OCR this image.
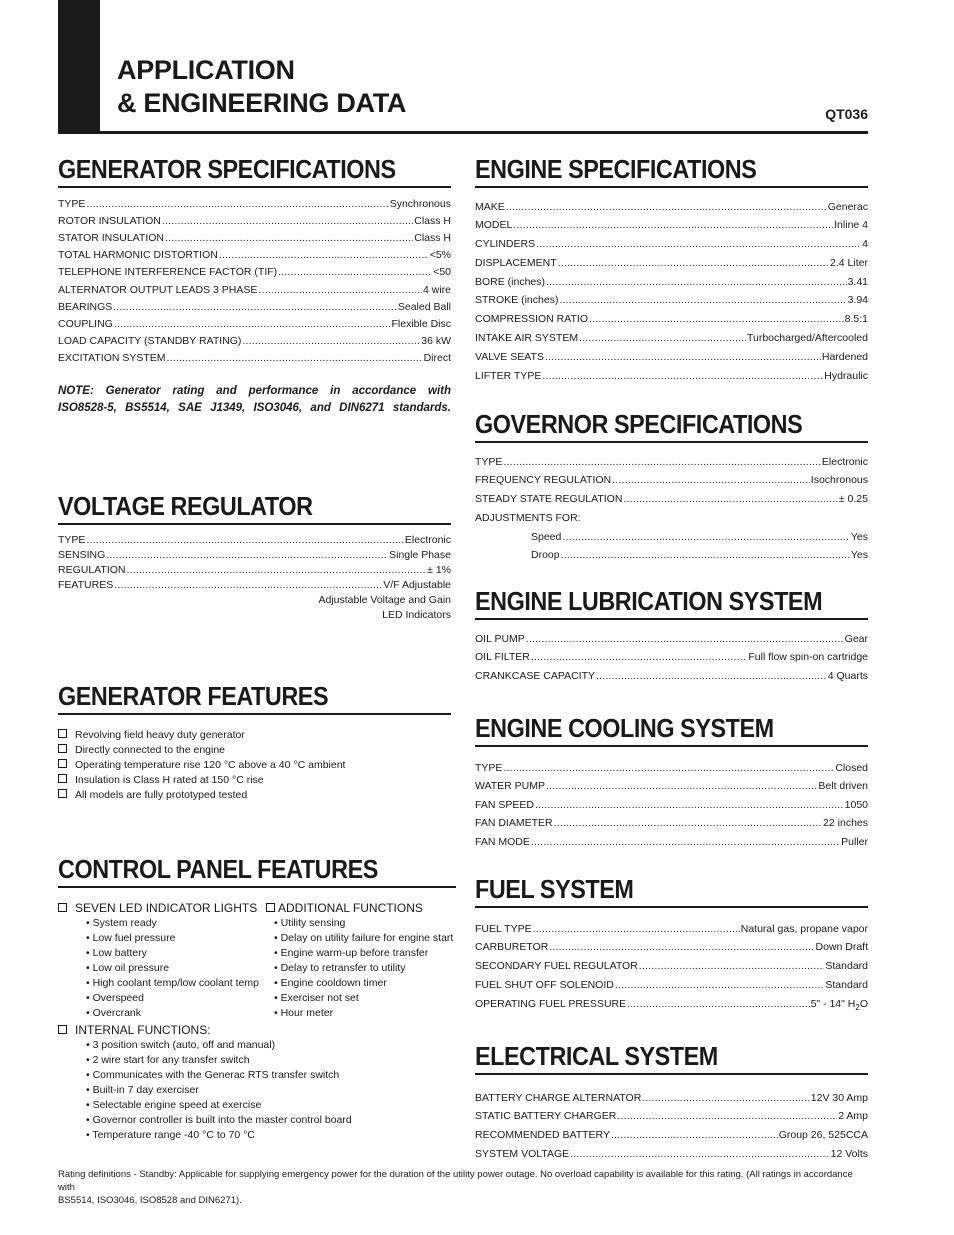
APPLICATION
& ENGINEERING DATA	QT036
GENERATOR SPECIFICATIONS
TYPE .....	Synchronous
ROTOR INSULATION .....	Class H
STATOR INSULATION .....	Class H
TOTAL HARMONIC DISTORTION .....	<5%
TELEPHONE INTERFERENCE FACTOR (TIF) .....	<50
ALTERNATOR OUTPUT LEADS 3 PHASE .....	4 wire
BEARINGS .....	Sealed Ball
COUPLING .....	Flexible Disc
LOAD CAPACITY (STANDBY RATING) .....	36 kW
EXCITATION SYSTEM .....	Direct
NOTE: Generator rating and performance in accordance with
ISO8528-5, BS5514, SAE J1349, ISO3046, and DIN6271 standards.
VOLTAGE REGULATOR
TYPE .....	Electronic
SENSING .....	Single Phase
REGULATION .....	± 1%
FEATURES .....	V/F Adjustable
Adjustable Voltage and Gain
LED Indicators
GENERATOR FEATURES
Revolving field heavy duty generator
Directly connected to the engine
Operating temperature rise 120 °C above a 40 °C ambient
Insulation is Class H rated at 150 °C rise
All models are fully prototyped tested
CONTROL PANEL FEATURES
SEVEN LED INDICATOR LIGHTS
• System ready
• Low fuel pressure
• Low battery
• Low oil pressure
• High coolant temp/low coolant temp
• Overspeed
• Overcrank
ADDITIONAL FUNCTIONS
• Utility sensing
• Delay on utility failure for engine start
• Engine warm-up before transfer
• Delay to retransfer to utility
• Engine cooldown timer
• Exerciser not set
• Hour meter
INTERNAL FUNCTIONS:
• 3 position switch (auto, off and manual)
• 2 wire start for any transfer switch
• Communicates with the Generac RTS transfer switch
• Built-in 7 day exerciser
• Selectable engine speed at exercise
• Governor controller is built into the master control board
• Temperature range -40 °C to 70 °C
ENGINE SPECIFICATIONS
MAKE .....	Generac
MODEL .....	Inline 4
CYLINDERS .....	4
DISPLACEMENT .....	2.4 Liter
BORE (inches) .....	3.41
STROKE (inches) .....	3.94
COMPRESSION RATIO .....	8.5:1
INTAKE AIR SYSTEM .....	Turbocharged/Aftercooled
VALVE SEATS .....	Hardened
LIFTER TYPE .....	Hydraulic
GOVERNOR SPECIFICATIONS
TYPE .....	Electronic
FREQUENCY REGULATION .....	Isochronous
STEADY STATE REGULATION .....	± 0.25
ADJUSTMENTS FOR:
Speed .....	Yes
Droop .....	Yes
ENGINE LUBRICATION SYSTEM
OIL PUMP .....	Gear
OIL FILTER .....	Full flow spin-on cartridge
CRANKCASE CAPACITY .....	4 Quarts
ENGINE COOLING SYSTEM
TYPE .....	Closed
WATER PUMP .....	Belt driven
FAN SPEED .....	1050
FAN DIAMETER .....	22 inches
FAN MODE .....	Puller
FUEL SYSTEM
FUEL TYPE .....	Natural gas, propane vapor
CARBURETOR .....	Down Draft
SECONDARY FUEL REGULATOR .....	Standard
FUEL SHUT OFF SOLENOID .....	Standard
OPERATING FUEL PRESSURE .....	5" - 14" $H_2O$
ELECTRICAL SYSTEM
BATTERY CHARGE ALTERNATOR .....	12V 30 Amp
STATIC BATTERY CHARGER .....	2 Amp
RECOMMENDED BATTERY .....	Group 26, 525CCA
SYSTEM VOLTAGE .....	12 Volts
Rating definitions - Standby: Applicable for supplying emergency power for the duration of the utility power outage. No overload capability is available for this rating. (All ratings in accordance with
BS5514, ISO3046, ISO8528 and DIN6271).
